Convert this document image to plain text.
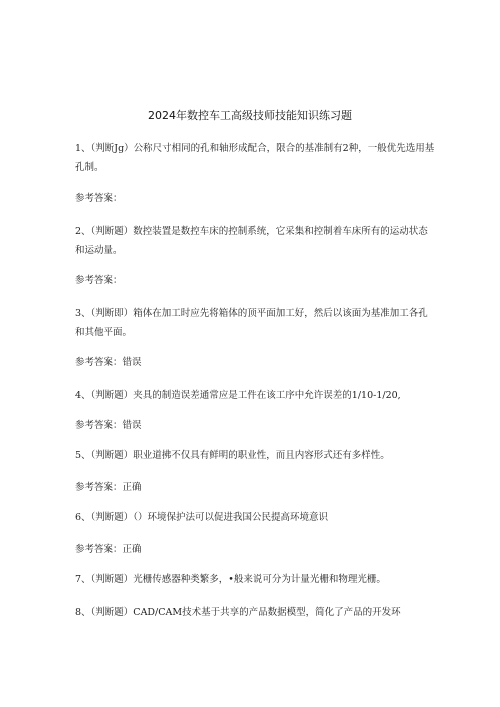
2024年数控车工高级技师技能知识练习题
1、（判断Jg）公称尺寸相同的孔和轴形成配合，限合的基准制有2种，一般优先选用基孔制。
参考答案：
2、（判断题）数控装置是数控车床的控制系统，它采集和控制着车床所有的运动状态和运动量。
参考答案：
3、（判断即）箱体在加工时应先将箱体的顶平面加工好，然后以该面为基准加工各孔和其他平面。
参考答案：错误
4、（判断题）夹具的制造误差通常应是工件在该工序中允许误差的1/10-1/20,
参考答案：错误
5、（判断题）职业道拂不仅具有鲜明的职业性，而且内容形式还有多样性。
参考答案：正确
6、（判断题）（）环境保护法可以促进我国公民提高环境意识
参考答案：正确
7、（判断题）光栅传感器种类繁多，•般来说可分为计量光栅和物理光栅。
8、（判断题）CAD/CAM技术基于共享的产品数据模型，简化了产品的开发环
